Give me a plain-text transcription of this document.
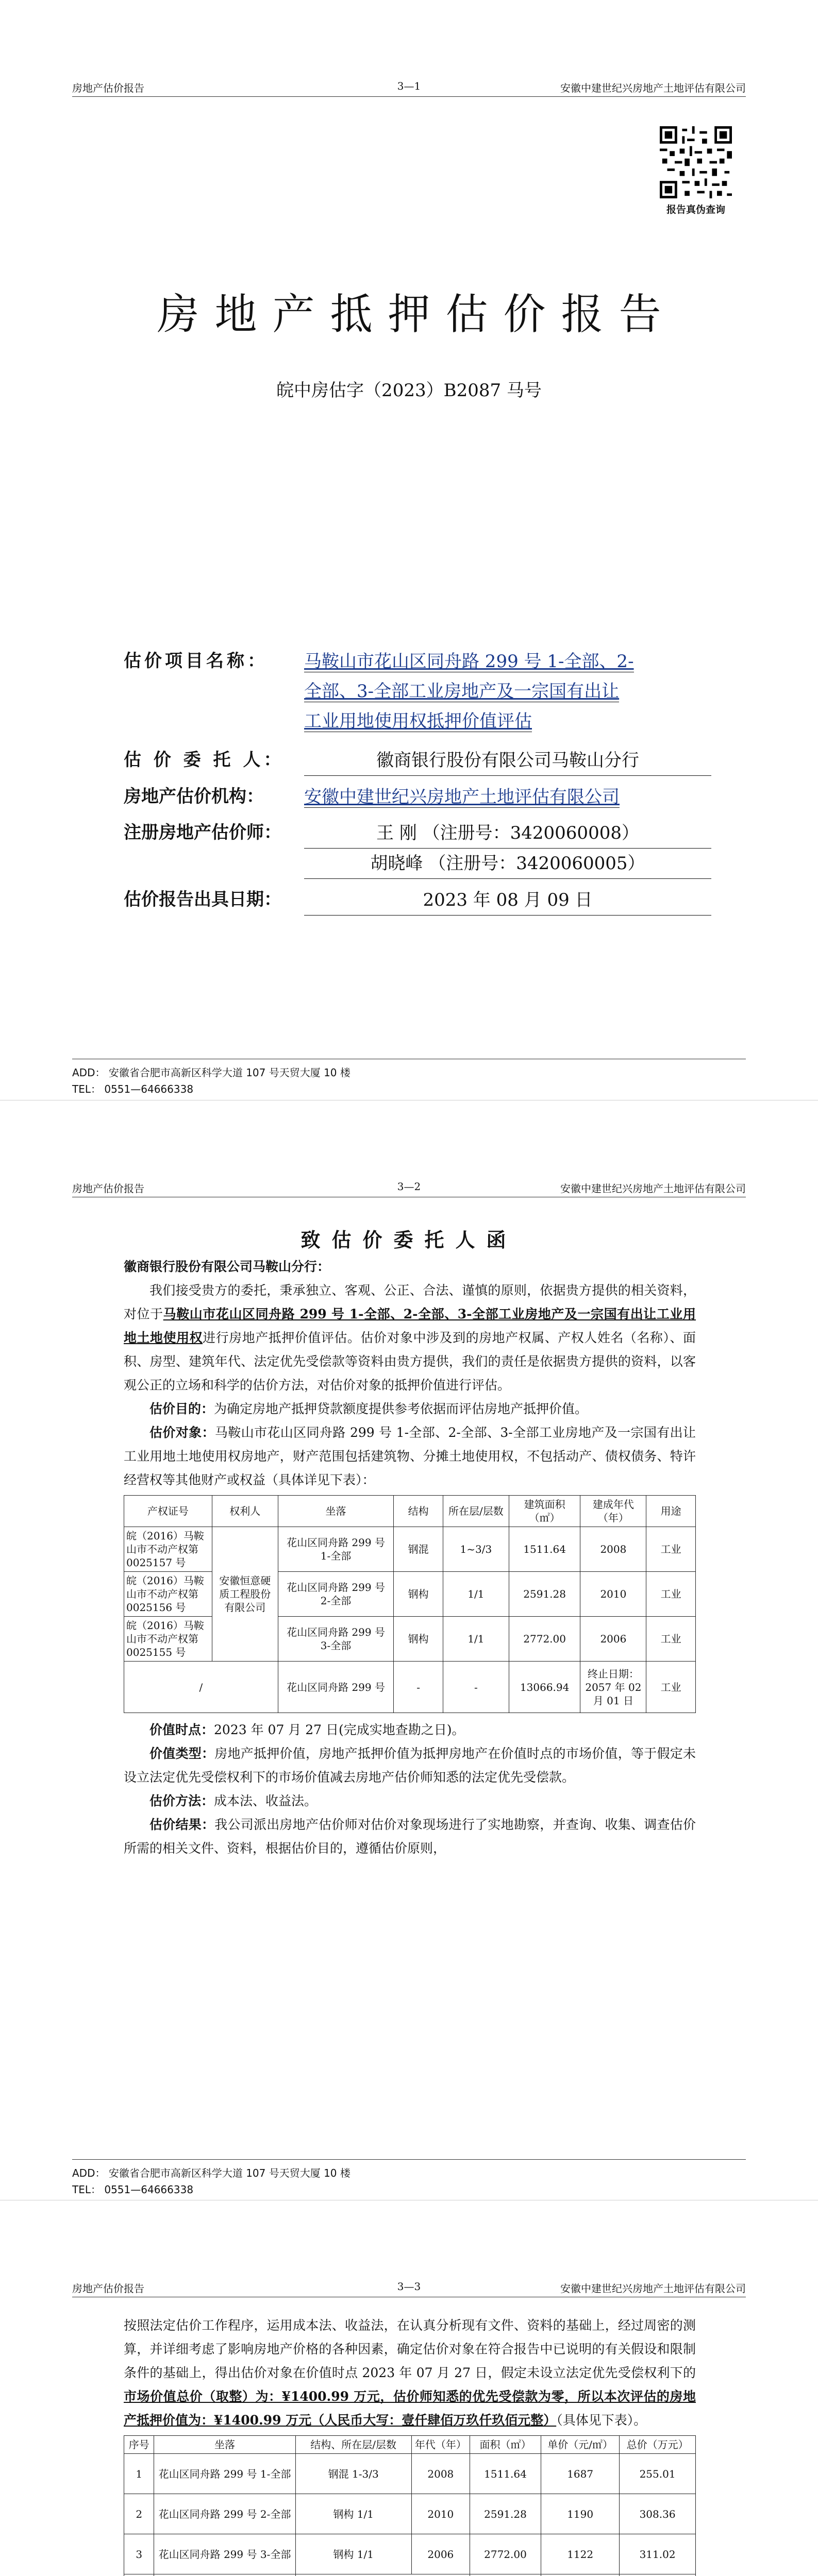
房地产估价报告	3—1	安徽中建世纪兴房地产土地评估有限公司
报告真伪查询
房地产抵押估价报告
皖中房估字（2023）B2087 马号
估价项目名称：	马鞍山市花山区同舟路 299 号 1-全部、2-
全部、3-全部工业房地产及一宗国有出让
工业用地使用权抵押价值评估
估 价 委 托 人：	徽商银行股份有限公司马鞍山分行
房地产估价机构：	安徽中建世纪兴房地产土地评估有限公司
注册房地产估价师：	王 刚 （注册号：3420060008）
胡晓峰 （注册号：3420060005）
估价报告出具日期：	2023 年 08 月 09 日
ADD： 安徽省合肥市高新区科学大道 107 号天贸大厦 10 楼
TEL： 0551—64666338
房地产估价报告	3—2	安徽中建世纪兴房地产土地评估有限公司
致估价委托人函

徽商银行股份有限公司马鞍山分行：

我们接受贵方的委托，秉承独立、客观、公正、合法、谨慎的原则，依据贵方提供的相关资料，对位于马鞍山市花山区同舟路 299 号 1-全部、2-全部、3-全部工业房地产及一宗国有出让工业用地土地使用权进行房地产抵押价值评估。估价对象中涉及到的房地产权属、产权人姓名（名称）、面积、房型、建筑年代、法定优先受偿款等资料由贵方提供，我们的责任是依据贵方提供的资料，以客观公正的立场和科学的估价方法，对估价对象的抵押价值进行评估。

估价目的：为确定房地产抵押贷款额度提供参考依据而评估房地产抵押价值。

估价对象：马鞍山市花山区同舟路 299 号 1-全部、2-全部、3-全部工业房地产及一宗国有出让工业用地土地使用权房地产，财产范围包括建筑物、分摊土地使用权，不包括动产、债权债务、特许经营权等其他财产或权益（具体详见下表）：

产权证号	权利人	坐落	结构	所在层/层数	建筑面积（㎡）	建成年代（年）	用途
皖（2016）马鞍山市不动产权第 0025157 号	安徽恒意硬质工程股份有限公司	花山区同舟路 299 号 1-全部	钢混	1~3/3	1511.64	2008	工业
皖（2016）马鞍山市不动产权第 0025156 号		花山区同舟路 299 号 2-全部	钢构	1/1	2591.28	2010	工业
皖（2016）马鞍山市不动产权第 0025155 号		花山区同舟路 299 号 3-全部	钢构	1/1	2772.00	2006	工业
/		花山区同舟路 299 号	-	-	13066.94	终止日期：2057 年 02 月 01 日	工业

价值时点：2023 年 07 月 27 日(完成实地查勘之日)。

价值类型：房地产抵押价值，房地产抵押价值为抵押房地产在价值时点的市场价值，等于假定未设立法定优先受偿权利下的市场价值减去房地产估价师知悉的法定优先受偿款。

估价方法：成本法、收益法。

估价结果：我公司派出房地产估价师对估价对象现场进行了实地勘察，并查询、收集、调查估价所需的相关文件、资料，根据估价目的，遵循估价原则，

ADD： 安徽省合肥市高新区科学大道 107 号天贸大厦 10 楼
TEL： 0551—64666338
房地产估价报告	3—3	安徽中建世纪兴房地产土地评估有限公司

按照法定估价工作程序，运用成本法、收益法，在认真分析现有文件、资料的基础上，经过周密的测算，并详细考虑了影响房地产价格的各种因素，确定估价对象在符合报告中已说明的有关假设和限制条件的基础上，得出估价对象在价值时点 2023 年 07 月 27 日，假定未设立法定优先受偿权利下的市场价值总价（取整）为：¥1400.99 万元，估价师知悉的优先受偿款为零，所以本次评估的房地产抵押价值为：¥1400.99 万元（人民币大写：壹仟肆佰万玖仟玖佰元整）（具体见下表）。

序号	坐落	结构、所在层/层数	年代（年）	面积（㎡）	单价（元/㎡）	总价（万元）
1	花山区同舟路 299 号 1-全部	钢混 1-3/3	2008	1511.64	1687	255.01
2	花山区同舟路 299 号 2-全部	钢构 1/1	2010	2591.28	1190	308.36
3	花山区同舟路 299 号 3-全部	钢构 1/1	2006	2772.00	1122	311.02
